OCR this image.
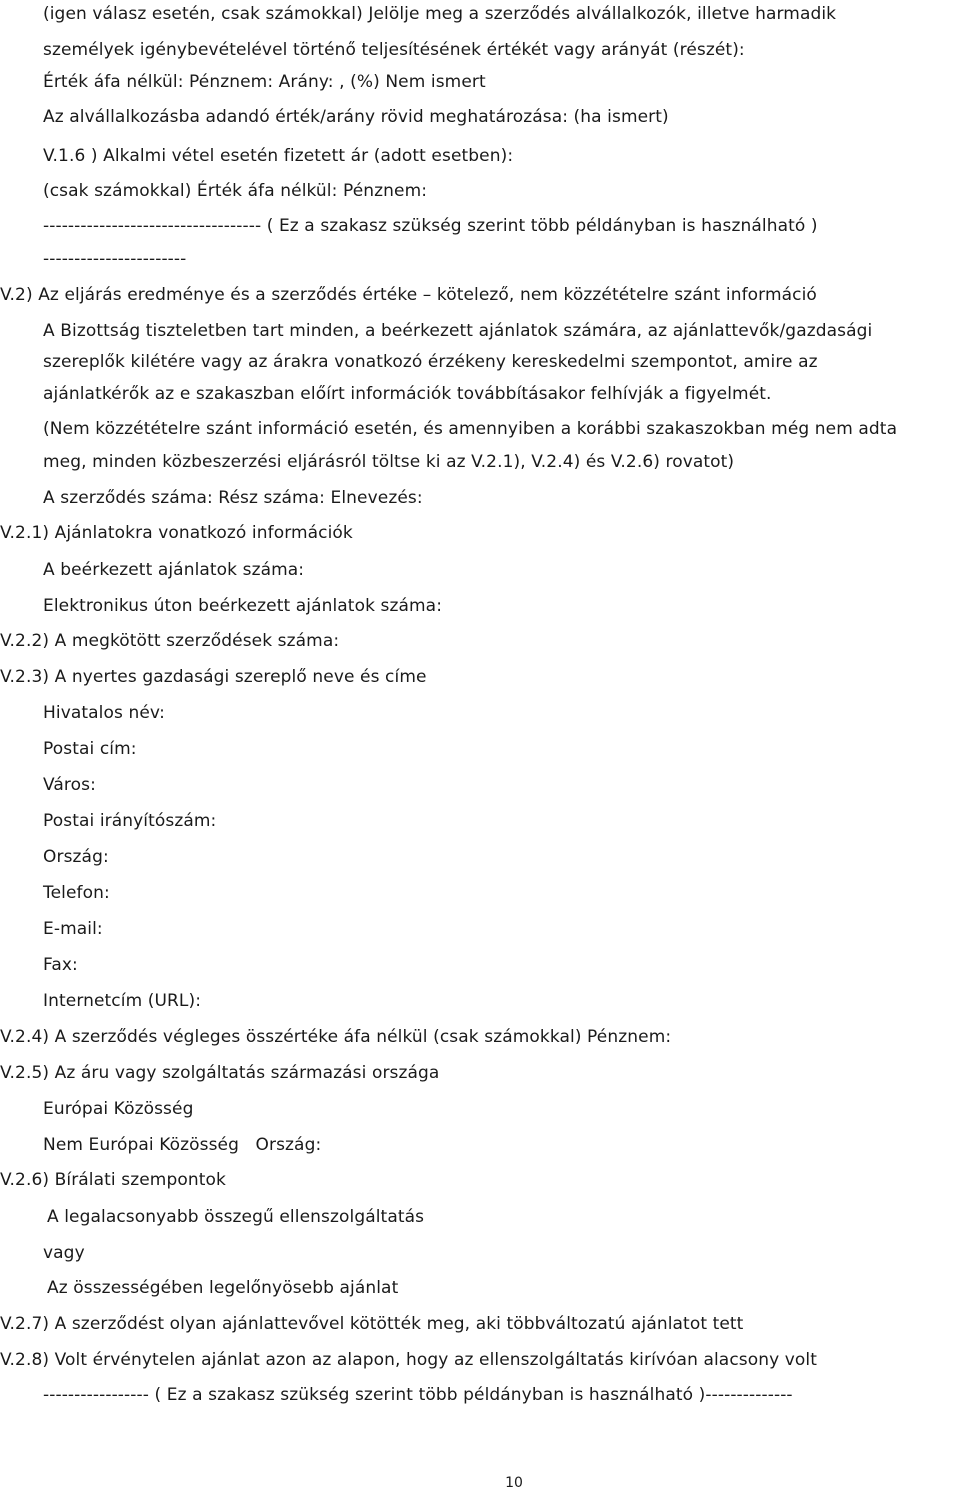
(igen válasz esetén, csak számokkal) Jelölje meg a szerződés alvállalkozók, illetve harmadik
személyek igénybevételével történő teljesítésének értékét vagy arányát (részét):
Érték áfa nélkül: Pénznem: Arány: , (%) Nem ismert
Az alvállalkozásba adandó érték/arány rövid meghatározása: (ha ismert)
V.1.6 ) Alkalmi vétel esetén fizetett ár (adott esetben):
(csak számokkal) Érték áfa nélkül: Pénznem:
----------------------------------- ( Ez a szakasz szükség szerint több példányban is használható )
-----------------------
V.2) Az eljárás eredménye és a szerződés értéke – kötelező, nem közzétételre szánt információ
A Bizottság tiszteletben tart minden, a beérkezett ajánlatok számára, az ajánlattevők/gazdasági
szereplők kilétére vagy az árakra vonatkozó érzékeny kereskedelmi szempontot, amire az
ajánlatkérők az e szakaszban előírt információk továbbításakor felhívják a figyelmét.
(Nem közzétételre szánt információ esetén, és amennyiben a korábbi szakaszokban még nem adta
meg, minden közbeszerzési eljárásról töltse ki az V.2.1), V.2.4) és V.2.6) rovatot)
A szerződés száma: Rész száma: Elnevezés:
V.2.1) Ajánlatokra vonatkozó információk
A beérkezett ajánlatok száma:
Elektronikus úton beérkezett ajánlatok száma:
V.2.2) A megkötött szerződések száma:
V.2.3) A nyertes gazdasági szereplő neve és címe
Hivatalos név:
Postai cím:
Város:
Postai irányítószám:
Ország:
Telefon:
E-mail:
Fax:
Internetcím (URL):
V.2.4) A szerződés végleges összértéke áfa nélkül (csak számokkal) Pénznem:
V.2.5) Az áru vagy szolgáltatás származási országa
Európai Közösség
Nem Európai Közösség   Ország:
V.2.6) Bírálati szempontok
A legalacsonyabb összegű ellenszolgáltatás
vagy
Az összességében legelőnyösebb ajánlat
V.2.7) A szerződést olyan ajánlattevővel kötötték meg, aki többváltozatú ajánlatot tett
V.2.8) Volt érvénytelen ajánlat azon az alapon, hogy az ellenszolgáltatás kirívóan alacsony volt
----------------- ( Ez a szakasz szükség szerint több példányban is használható )--------------
10
